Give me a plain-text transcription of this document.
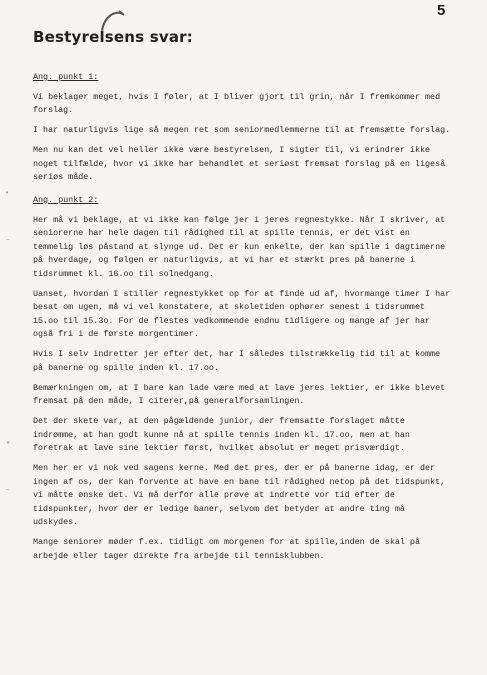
5
Bestyrelsens svar:

Ang. punkt 1:

Vi beklager meget, hvis I føler, at I bliver gjort til grin, når I fremkommer med forslag.

I har naturligvis lige så megen ret som seniormedlemmerne til at fremsætte forslag.

Men nu kan det vel heller ikke være bestyrelsen, I sigter til, vi erindrer ikke noget tilfælde, hvor vi ikke har behandlet et seriøst fremsat forslag på en ligeså seriøs måde.

Ang. punkt 2:

Her må vi beklage, at vi ikke kan følge jer i jeres regnestykke. Når I skriver, at seniorerne har hele dagen til rådighed til at spille tennis, er det vist en temmelig løs påstand at slynge ud. Det er kun enkelte, der kan spille i dagtimerne på hverdage, og følgen er naturligvis, at vi har et stærkt pres på banerne i tidsrummet kl. 16.oo til solnedgang.

Uanset, hvordan I stiller regnestykket op for at finde ud af, hvormange timer I har besat om ugen, må vi vel konstatere, at skoletiden ophører senest i tidsrummet 15.oo til 15.3o. For de flestes vedkommende endnu tidligere og mange af jer har også fri i de første morgentimer.

Hvis I selv indretter jer efter det, har I således tilstrækkelig tid til at komme på banerne og spille inden kl. 17.oo.

Bemærkningen om, at I bare kan lade være med at lave jeres lektier, er ikke blevet fremsat på den måde, I citerer,på generalforsamlingen.

Det der skete var, at den pågældende junior, der fremsatte forslaget måtte indrømme, at han godt kunne nå at spille tennis inden kl. 17.oo, men at han foretrak at lave sine lektier først, hvilket absolut er meget prisværdigt.

Men her er vi nok ved sagens kerne. Med det pres, der er på banerne idag, er der ingen af os, der kan forvente at have en bane til rådighed netop på det tidspunkt, vi måtte ønske det. Vi må derfor alle prøve at indrette vor tid efter de tidspunkter, hvor der er ledige baner, selvom det betyder at andre ting må udskydes.

Mange seniorer møder f.ex. tidligt om morgenen for at spille,inden de skal på arbejde eller tager direkte fra arbejde til tennisklubben.

•
–
•
–
